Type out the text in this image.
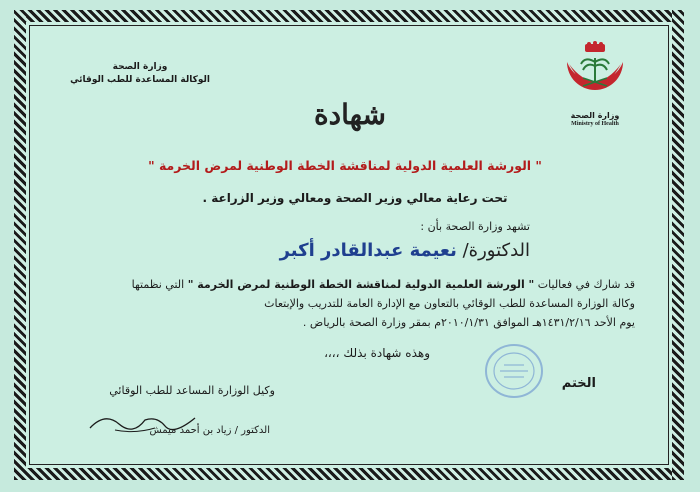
وزارة الصحة
الوكالة المساعدة للطب الوقائي
وزارة الصحة
Ministry of Health
شهادة
" الورشة العلمية الدولية لمناقشة الخطة الوطنية لمرض الخرمة "
تحت رعاية معالي وزير الصحة ومعالي وزير الزراعة .
تشهد وزارة الصحة بأن :
الدكتورة/ نعيمة عبدالقادر أكبر
قد شارك في فعاليات " الورشة العلمية الدولية لمناقشة الخطة الوطنية لمرض الخرمة " التي نظمتها
وكالة الوزارة المساعدة للطب الوقائي بالتعاون مع الإدارة العامة للتدريب والإبتعاث
يوم الأحد ١٤٣١/٢/١٦هـ الموافق ٢٠١٠/١/٣١م بمقر وزارة الصحة بالرياض .
وهذه شهادة بذلك ،،،،
الختم
وكيل الوزارة المساعد للطب الوقائي
الدكتور / زياد بن أحمد ميمش
